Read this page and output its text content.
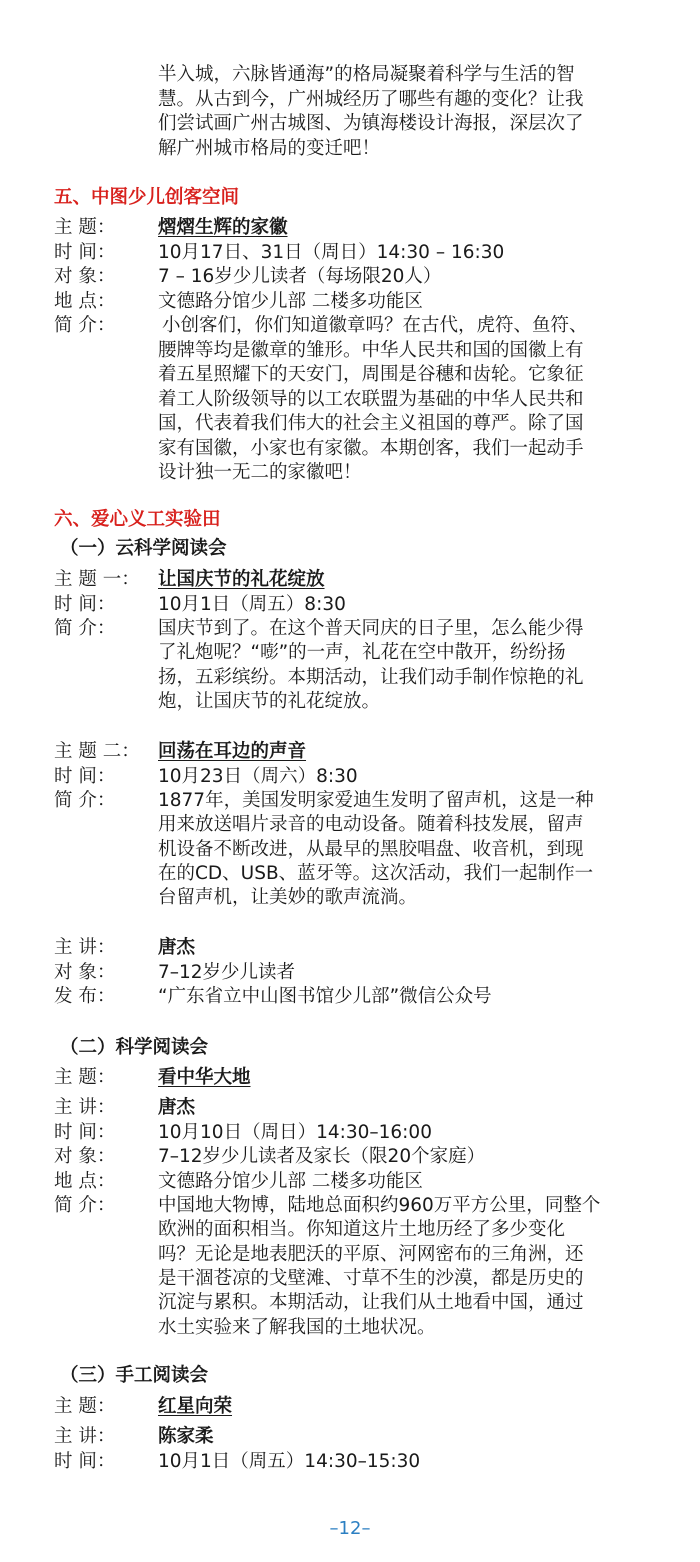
半入城，六脉皆通海”的格局凝聚着科学与生活的智
慧。从古到今，广州城经历了哪些有趣的变化？让我
们尝试画广州古城图、为镇海楼设计海报，深层次了
解广州城市格局的变迁吧！
五、中图少儿创客空间
主 题：	熠熠生辉的家徽
时 间：	10月17日、31日（周日）14:30 – 16:30
对 象：	7 – 16岁少儿读者（每场限20人）
地 点：	文德路分馆少儿部 二楼多功能区
简 介：	小创客们，你们知道徽章吗？在古代，虎符、鱼符、
腰牌等均是徽章的雏形。中华人民共和国的国徽上有
着五星照耀下的天安门，周围是谷穗和齿轮。它象征
着工人阶级领导的以工农联盟为基础的中华人民共和
国，代表着我们伟大的社会主义祖国的尊严。除了国
家有国徽，小家也有家徽。本期创客，我们一起动手
设计独一无二的家徽吧！
六、爱心义工实验田
（一）云科学阅读会
主 题 一： 让国庆节的礼花绽放
时 间：	10月1日（周五）8:30
简 介：	国庆节到了。在这个普天同庆的日子里，怎么能少得
了礼炮呢？“嘭”的一声，礼花在空中散开，纷纷扬
扬，五彩缤纷。本期活动，让我们动手制作惊艳的礼
炮，让国庆节的礼花绽放。
主 题 二： 回荡在耳边的声音
时 间：	10月23日（周六）8:30
简 介：	1877年，美国发明家爱迪生发明了留声机，这是一种
用来放送唱片录音的电动设备。随着科技发展，留声
机设备不断改进，从最早的黑胶唱盘、收音机，到现
在的CD、USB、蓝牙等。这次活动，我们一起制作一
台留声机，让美妙的歌声流淌。
主 讲：	唐杰
对 象：	7–12岁少儿读者
发 布：	“广东省立中山图书馆少儿部”微信公众号
（二）科学阅读会
主 题：	看中华大地
主 讲：	唐杰
时 间：	10月10日（周日）14:30–16:00
对 象：	7–12岁少儿读者及家长（限20个家庭）
地 点：	文德路分馆少儿部 二楼多功能区
简 介：	中国地大物博，陆地总面积约960万平方公里，同整个
欧洲的面积相当。你知道这片土地历经了多少变化
吗？无论是地表肥沃的平原、河网密布的三角洲，还
是干涸苍凉的戈壁滩、寸草不生的沙漠，都是历史的
沉淀与累积。本期活动，让我们从土地看中国，通过
水土实验来了解我国的土地状况。
（三）手工阅读会
主 题：	红星向荣
主 讲：	陈家柔
时 间：	10月1日（周五）14:30–15:30
–12–
